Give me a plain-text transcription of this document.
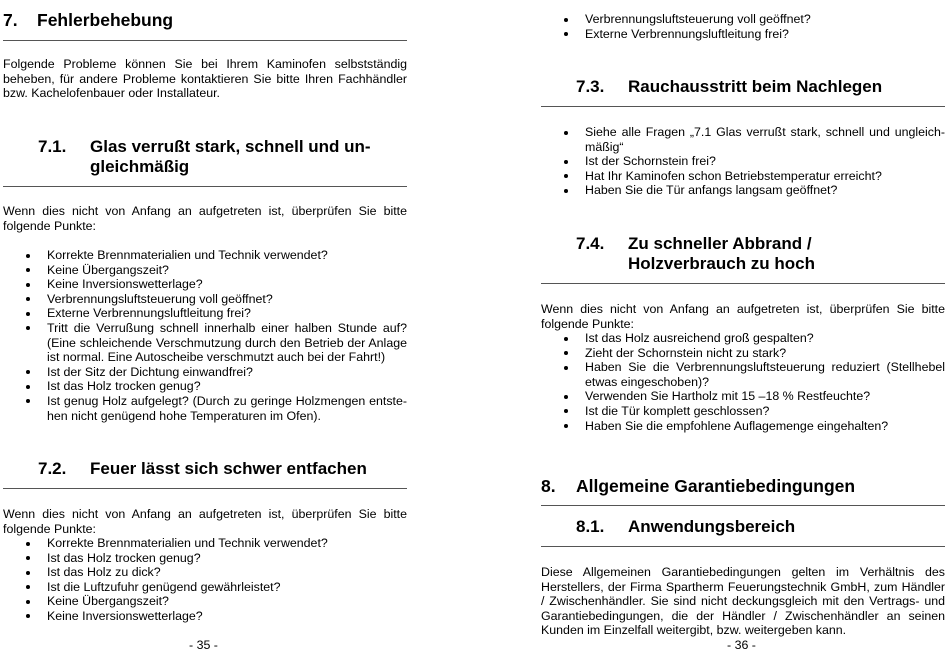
7. Fehlerbehebung

Folgende Probleme können Sie bei Ihrem Kaminofen selbstständig beheben, für andere Probleme kontaktieren Sie bitte Ihren Fachhändler bzw. Kachelofenbauer oder Installateur.

7.1. Glas verrußt stark, schnell und un-
gleichmäßig

Wenn dies nicht von Anfang an aufgetreten ist, überprüfen Sie bitte folgende Punkte:

Korrekte Brennmaterialien und Technik verwendet?
Keine Übergangszeit?
Keine Inversionswetterlage?
Verbrennungsluftsteuerung voll geöffnet?
Externe Verbrennungsluftleitung frei?
Tritt die Verrußung schnell innerhalb einer halben Stunde auf? (Eine schleichende Verschmutzung durch den Betrieb der Anlage ist normal. Eine Autoscheibe verschmutzt auch bei der Fahrt!)
Ist der Sitz der Dichtung einwandfrei?
Ist das Holz trocken genug?
Ist genug Holz aufgelegt? (Durch zu geringe Holzmengen entste-hen nicht genügend hohe Temperaturen im Ofen).
7.2. Feuer lässt sich schwer entfachen

Wenn dies nicht von Anfang an aufgetreten ist, überprüfen Sie bitte folgende Punkte:

Korrekte Brennmaterialien und Technik verwendet?
Ist das Holz trocken genug?
Ist das Holz zu dick?
Ist die Luftzufuhr genügend gewährleistet?
Keine Übergangszeit?
Keine Inversionswetterlage?
- 35 -
Verbrennungsluftsteuerung voll geöffnet?
Externe Verbrennungsluftleitung frei?
7.3. Rauchausstritt beim Nachlegen
Siehe alle Fragen „7.1 Glas verrußt stark, schnell und ungleich-mäßig“
Ist der Schornstein frei?
Hat Ihr Kaminofen schon Betriebstemperatur erreicht?
Haben Sie die Tür anfangs langsam geöffnet?
7.4. Zu schneller Abbrand /
Holzverbrauch zu hoch

Wenn dies nicht von Anfang an aufgetreten ist, überprüfen Sie bitte folgende Punkte:

Ist das Holz ausreichend groß gespalten?
Zieht der Schornstein nicht zu stark?
Haben Sie die Verbrennungsluftsteuerung reduziert (Stellhebel etwas eingeschoben)?
Verwenden Sie Hartholz mit 15 –18 % Restfeuchte?
Ist die Tür komplett geschlossen?
Haben Sie die empfohlene Auflagemenge eingehalten?
8. Allgemeine Garantiebedingungen
8.1. Anwendungsbereich

Diese Allgemeinen Garantiebedingungen gelten im Verhältnis des Herstellers, der Firma Spartherm Feuerungstechnik GmbH, zum Händler / Zwischenhändler. Sie sind nicht deckungsgleich mit den Vertrags- und Garantiebedingungen, die der Händler / Zwischenhändler an seinen Kunden im Einzelfall weitergibt, bzw. weitergeben kann.

- 36 -
